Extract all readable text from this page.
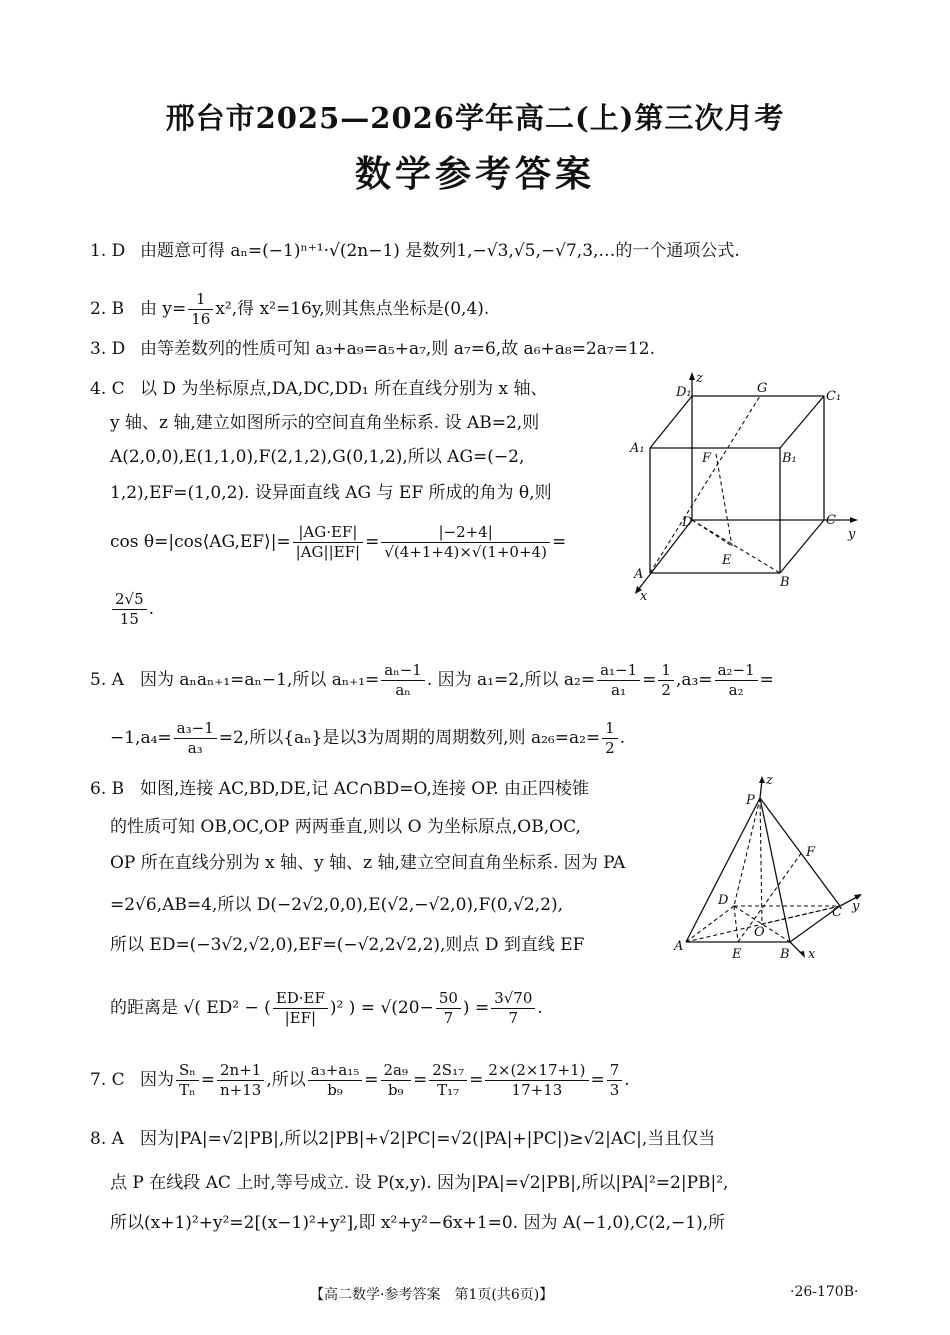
邢台市2025—2026学年高二(上)第三次月考
数学参考答案
1. D 由题意可得 aₙ=(−1)ⁿ⁺¹·√(2n−1) 是数列1,−√3,√5,−√7,3,…的一个通项公式.
2. B 由 $y= \frac{1}{16} x^2$,得 x²=16y,则其焦点坐标是(0,4).
3. D 由等差数列的性质可知 a₃+a₉=a₅+a₇,则 a₇=6,故 a₆+a₈=2a₇=12.
4. C 以 D 为坐标原点,DA,DC,DD₁ 所在直线分别为 x 轴、
y 轴、z 轴,建立如图所示的空间直角坐标系. 设 AB=2,则
A(2,0,0),E(1,1,0),F(2,1,2),G(0,1,2),所以 AG=(−2,
1,2),EF=(1,0,2). 设异面直线 AG 与 EF 所成的角为 θ,则
cos θ=|cos⟨AG,EF⟩|= $\frac{|AG\cdot EF|}{|AG||EF|} = \frac{|-2+4|}{√(4+1+4)\times√(1+0+4)}$ =
$\frac{2√5}{15}$ .
z
D₁	G
C₁
A₁
F	B₁
D	C
y
E
A
B
x
5. A 因为 aₙaₙ₊₁=aₙ−1,所以 $a_{n+1}= \frac{\text{aₙ−1}}{\text{aₙ}}$ . 因为 a₁=2,所以 $a_2= \frac{\text{a₁−1}}{\text{a₁}} = \frac{1}{2} ,a_3= \frac{\text{a₂−1}}{\text{a₂}}$ =
$-1,a_4= \frac{\text{a₃−1}}{\text{a₃}} =2$,所以{aₙ}是以3为周期的周期数列,则 $a_{26}=a_2= \frac{1}{2}$ .
6. B 如图,连接 AC,BD,DE,记 AC∩BD=O,连接 OP. 由正四棱锥
的性质可知 OB,OC,OP 两两垂直,则以 O 为坐标原点,OB,OC,
OP 所在直线分别为 x 轴、y 轴、z 轴,建立空间直角坐标系. 因为 PA
=2√6,AB=4,所以 D(−2√2,0,0),E(√2,−√2,0),F(0,√2,2),
所以 ED=(−3√2,√2,0),EF=(−√2,2√2,2),则点 D 到直线 EF
的距离是 √( ED² − ( $\frac{ED\cdot EF}{|EF|} )^2$ ) = $√(20- \frac{50}{7}$ ) = $\frac{3√70}{7}$ .
z
P
F
D
C y
O
A
E	B x
7. C 因为 $\frac{\text{Sₙ}}{\text{Tₙ}} = \frac{2n+1}{n+13}$ ,所以 $\frac{\text{a₃+a₁₅}}{\text{b₉}} = \frac{\text{2a₉}}{\text{b₉}} = \frac{\text{2S₁₇}}{\text{T₁₇}} = \frac{2\times(2\times 17+1)}{17+13} = \frac{7}{3}$ .
8. A 因为|PA|=√2|PB|,所以2|PB|+√2|PC|=√2(|PA|+|PC|)≥√2|AC|,当且仅当
点 P 在线段 AC 上时,等号成立. 设 P(x,y). 因为|PA|=√2|PB|,所以|PA|²=2|PB|²,
所以(x+1)²+y²=2[(x−1)²+y²],即 x²+y²−6x+1=0. 因为 A(−1,0),C(2,−1),所
【高二数学·参考答案　第1页(共6页)】	·26-170B·
